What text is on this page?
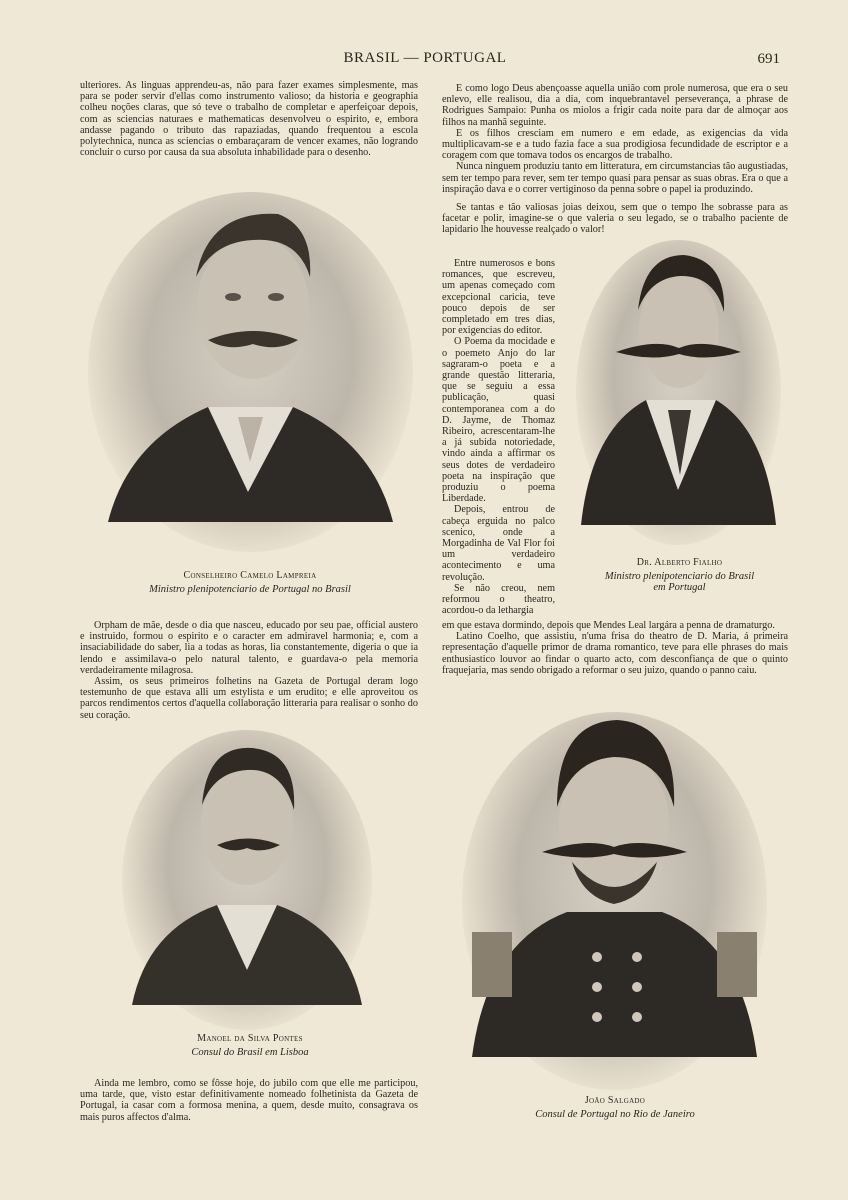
BRASIL — PORTUGAL	691

ulteriores. As linguas apprendeu-as, não para fazer exames simplesmente, mas para se poder servir d'ellas como instrumento valioso; da historia e geographia colheu noções claras, que só teve o trabalho de completar e aperfeiçoar depois, com as sciencias naturaes e mathematicas desenvolveu o espirito, e, embora andasse pagando o tributo das rapaziadas, quando frequentou a escola polytechnica, nunca as sciencias o embaraçaram de vencer exames, não logrando concluir o curso por causa da sua absoluta inhabilidade para o desenho.

Conselheiro Camelo Lampreia
Ministro plenipotenciario de Portugal no Brasil

Orpham de mãe, desde o dia que nasceu, educado por seu pae, official austero e instruido, formou o espirito e o caracter em admiravel harmonia; e, com a insaciabilidade do saber, lia a todas as horas, lia constantemente, digeria o que ia lendo e assimilava-o pelo natural talento, e guardava-o pela memoria verdadeiramente milagrosa.

Assim, os seus primeiros folhetins na Gazeta de Portugal deram logo testemunho de que estava alli um estylista e um erudito; e elle aproveitou os parcos rendimentos certos d'aquella collaboração litteraria para realisar o sonho do seu coração.

Manoel da Silva Pontes
Consul do Brasil em Lisboa

Ainda me lembro, como se fôsse hoje, do jubilo com que elle me participou, uma tarde, que, visto estar definitivamente nomeado folhetinista da Gazeta de Portugal, ia casar com a formosa menina, a quem, desde muito, consagrava os mais puros affectos d'alma.

E como logo Deus abençoasse aquella união com prole numerosa, que era o seu enlevo, elle realisou, dia a dia, com inquebrantavel perseverança, a phrase de Rodrigues Sampaio: Punha os miolos a frigir cada noite para dar de almoçar aos filhos na manhã seguinte.

E os filhos cresciam em numero e em edade, as exigencias da vida multiplicavam-se e a tudo fazia face a sua prodigiosa fecundidade de escriptor e a coragem com que tomava todos os encargos de trabalho.

Nunca ninguem produziu tanto em litteratura, em circumstancias tão augustiadas, sem ter tempo para rever, sem ter tempo quasi para pensar as suas obras. Era o que a inspiração dava e o correr vertiginoso da penna sobre o papel ia produzindo.

Se tantas e tão valiosas joias deixou, sem que o tempo lhe sobrasse para as facetar e polir, imagine-se o que valeria o seu legado, se o trabalho paciente de lapidario lhe houvesse realçado o valor!

Entre numerosos e bons romances, que escreveu, um apenas começado com excepcional caricia, teve pouco depois de ser completado em tres dias, por exigencias do editor.

O Poema da mocidade e o poemeto Anjo do lar sagraram-o poeta e a grande questão litteraria, que se seguiu a essa publicação, quasi contemporanea com a do D. Jayme, de Thomaz Ribeiro, acrescentaram-lhe a já subida notoriedade, vindo ainda a affirmar os seus dotes de verdadeiro poeta na inspiração que produziu o poema Liberdade.

Depois, entrou de cabeça erguida no palco scenico, onde a Morgadinha de Val Flor foi um verdadeiro acontecimento e uma revolução.

Se não creou, nem reformou o theatro, acordou-o da lethargia

Dr. Alberto Fialho
Ministro plenipotenciario do Brasil
em Portugal

em que estava dormindo, depois que Mendes Leal largára a penna de dramaturgo.

Latino Coelho, que assistiu, n'uma frisa do theatro de D. Maria, á primeira representação d'aquelle primor de drama romantico, teve para elle phrases do mais enthusiastico louvor ao findar o quarto acto, com desconfiança de que o quinto fraquejaria, mas sendo obrigado a reformar o seu juizo, quando o panno caiu.

João Salgado
Consul de Portugal no Rio de Janeiro
